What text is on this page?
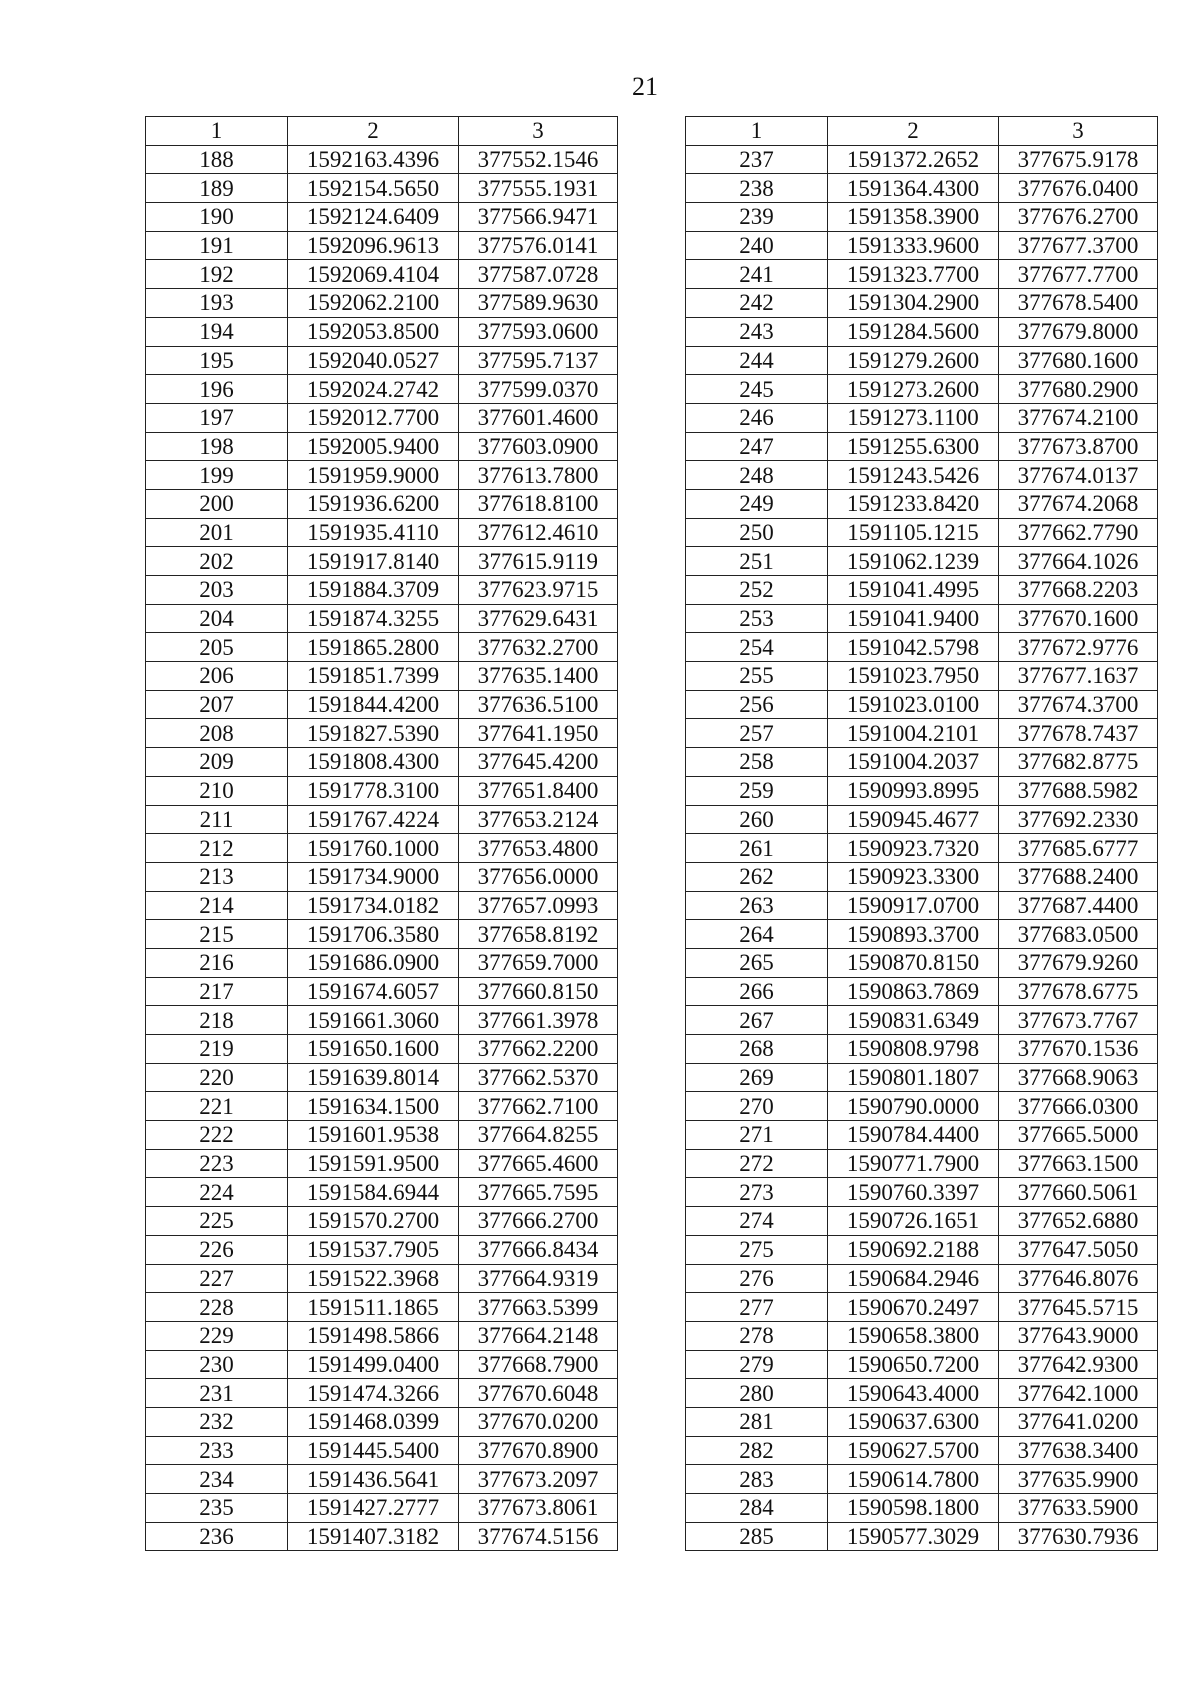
21
1	2	3
188	1592163.4396	377552.1546
189	1592154.5650	377555.1931
190	1592124.6409	377566.9471
191	1592096.9613	377576.0141
192	1592069.4104	377587.0728
193	1592062.2100	377589.9630
194	1592053.8500	377593.0600
195	1592040.0527	377595.7137
196	1592024.2742	377599.0370
197	1592012.7700	377601.4600
198	1592005.9400	377603.0900
199	1591959.9000	377613.7800
200	1591936.6200	377618.8100
201	1591935.4110	377612.4610
202	1591917.8140	377615.9119
203	1591884.3709	377623.9715
204	1591874.3255	377629.6431
205	1591865.2800	377632.2700
206	1591851.7399	377635.1400
207	1591844.4200	377636.5100
208	1591827.5390	377641.1950
209	1591808.4300	377645.4200
210	1591778.3100	377651.8400
211	1591767.4224	377653.2124
212	1591760.1000	377653.4800
213	1591734.9000	377656.0000
214	1591734.0182	377657.0993
215	1591706.3580	377658.8192
216	1591686.0900	377659.7000
217	1591674.6057	377660.8150
218	1591661.3060	377661.3978
219	1591650.1600	377662.2200
220	1591639.8014	377662.5370
221	1591634.1500	377662.7100
222	1591601.9538	377664.8255
223	1591591.9500	377665.4600
224	1591584.6944	377665.7595
225	1591570.2700	377666.2700
226	1591537.7905	377666.8434
227	1591522.3968	377664.9319
228	1591511.1865	377663.5399
229	1591498.5866	377664.2148
230	1591499.0400	377668.7900
231	1591474.3266	377670.6048
232	1591468.0399	377670.0200
233	1591445.5400	377670.8900
234	1591436.5641	377673.2097
235	1591427.2777	377673.8061
236	1591407.3182	377674.5156
1	2	3
237	1591372.2652	377675.9178
238	1591364.4300	377676.0400
239	1591358.3900	377676.2700
240	1591333.9600	377677.3700
241	1591323.7700	377677.7700
242	1591304.2900	377678.5400
243	1591284.5600	377679.8000
244	1591279.2600	377680.1600
245	1591273.2600	377680.2900
246	1591273.1100	377674.2100
247	1591255.6300	377673.8700
248	1591243.5426	377674.0137
249	1591233.8420	377674.2068
250	1591105.1215	377662.7790
251	1591062.1239	377664.1026
252	1591041.4995	377668.2203
253	1591041.9400	377670.1600
254	1591042.5798	377672.9776
255	1591023.7950	377677.1637
256	1591023.0100	377674.3700
257	1591004.2101	377678.7437
258	1591004.2037	377682.8775
259	1590993.8995	377688.5982
260	1590945.4677	377692.2330
261	1590923.7320	377685.6777
262	1590923.3300	377688.2400
263	1590917.0700	377687.4400
264	1590893.3700	377683.0500
265	1590870.8150	377679.9260
266	1590863.7869	377678.6775
267	1590831.6349	377673.7767
268	1590808.9798	377670.1536
269	1590801.1807	377668.9063
270	1590790.0000	377666.0300
271	1590784.4400	377665.5000
272	1590771.7900	377663.1500
273	1590760.3397	377660.5061
274	1590726.1651	377652.6880
275	1590692.2188	377647.5050
276	1590684.2946	377646.8076
277	1590670.2497	377645.5715
278	1590658.3800	377643.9000
279	1590650.7200	377642.9300
280	1590643.4000	377642.1000
281	1590637.6300	377641.0200
282	1590627.5700	377638.3400
283	1590614.7800	377635.9900
284	1590598.1800	377633.5900
285	1590577.3029	377630.7936
